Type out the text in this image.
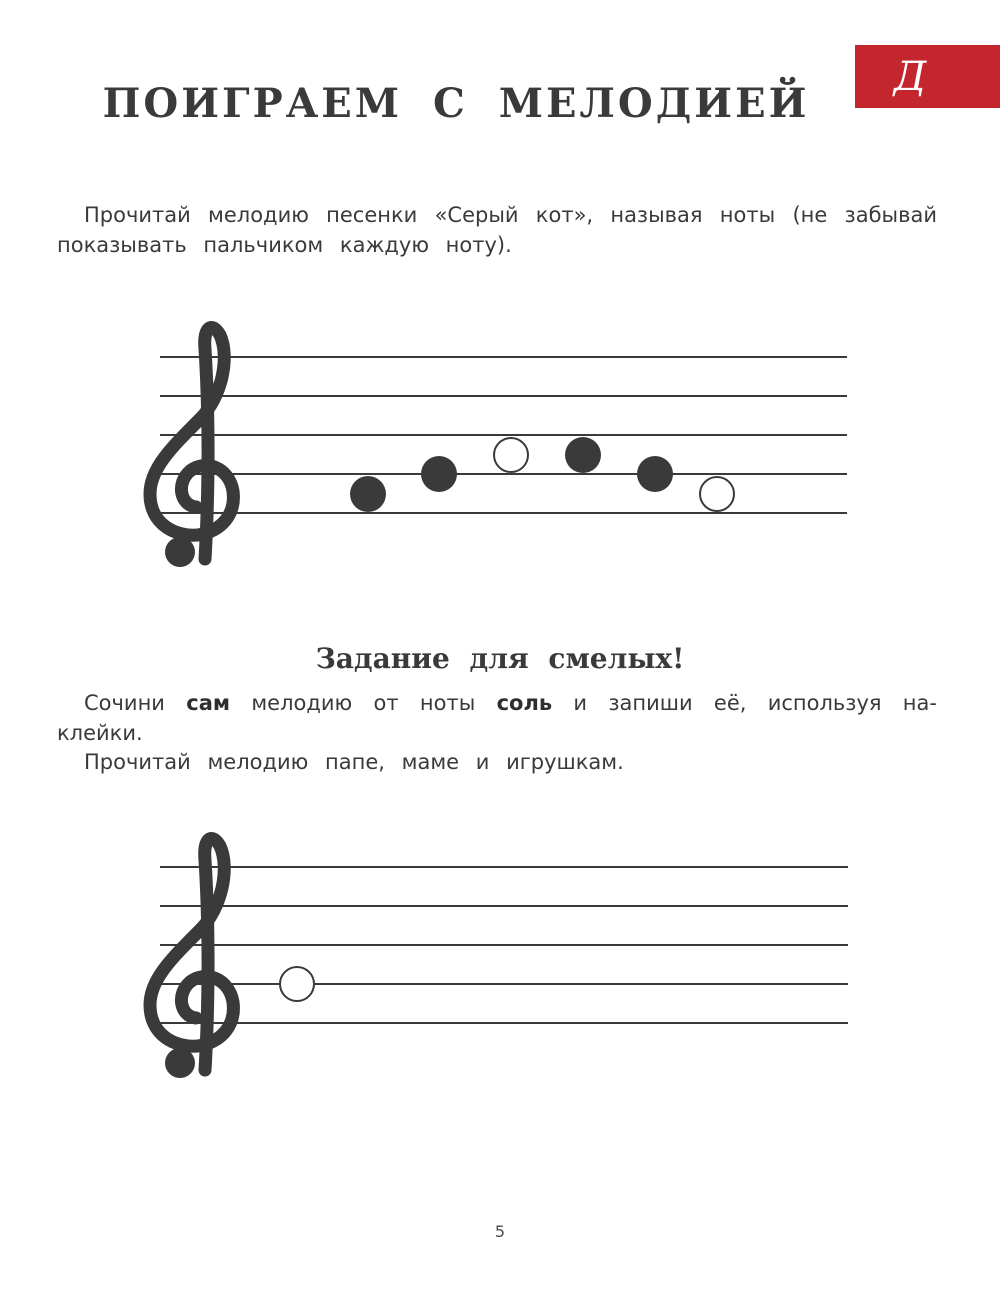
Д
ПОИГРАЕМ С МЕЛОДИЕЙ
Прочитай мелодию песенки «Серый кот», называя ноты (не забывай показывать пальчиком каждую ноту).
Задание для смелых!
Сочини сам мелодию от ноты соль и запиши её, используя на-клейки.
Прочитай мелодию папе, маме и игрушкам.
5
